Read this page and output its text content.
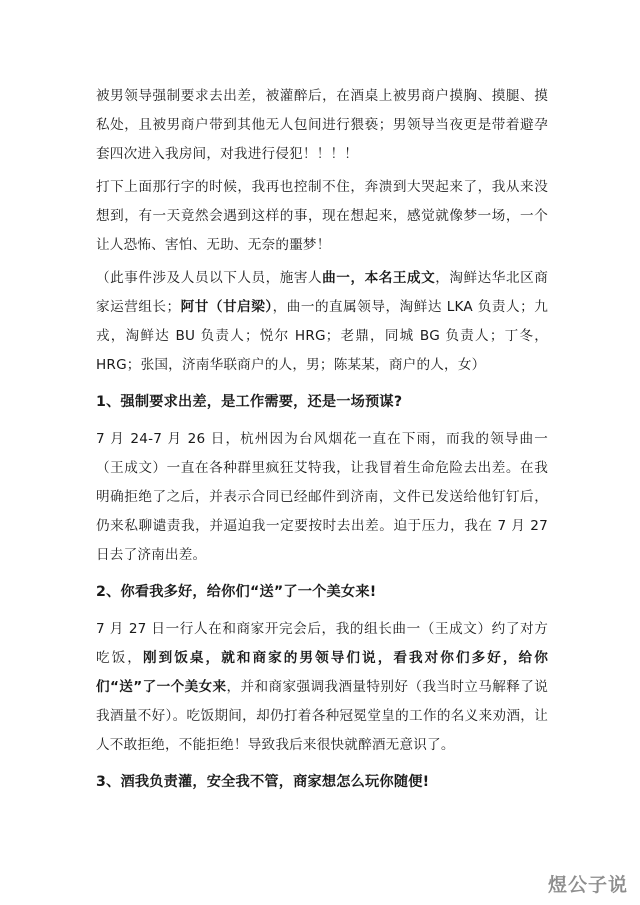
被男领导强制要求去出差，被灌醉后，在酒桌上被男商户摸胸、摸腿、摸私处，且被男商户带到其他无人包间进行猥亵；男领导当夜更是带着避孕套四次进入我房间，对我进行侵犯！！！！

打下上面那行字的时候，我再也控制不住，奔溃到大哭起来了，我从来没想到，有一天竟然会遇到这样的事，现在想起来，感觉就像梦一场，一个让人恐怖、害怕、无助、无奈的噩梦！

（此事件涉及人员以下人员，施害人曲一，本名王成文，淘鲜达华北区商家运营组长；阿甘（甘启梁），曲一的直属领导，淘鲜达 LKA 负责人；九戎，淘鲜达 BU 负责人；悦尔 HRG；老鼎，同城 BG 负责人；丁冬，HRG；张国，济南华联商户的人，男；陈某某，商户的人，女）

1、强制要求出差，是工作需要，还是一场预谋?

7 月 24-7 月 26 日，杭州因为台风烟花一直在下雨，而我的领导曲一（王成文）一直在各种群里疯狂艾特我，让我冒着生命危险去出差。在我明确拒绝了之后，并表示合同已经邮件到济南，文件已发送给他钉钉后，仍来私聊谴责我，并逼迫我一定要按时去出差。迫于压力，我在 7 月 27 日去了济南出差。

2、你看我多好，给你们“送”了一个美女来!

7 月 27 日一行人在和商家开完会后，我的组长曲一（王成文）约了对方吃饭，刚到饭桌，就和商家的男领导们说，看我对你们多好，给你们“送”了一个美女来，并和商家强调我酒量特别好（我当时立马解释了说我酒量不好）。吃饭期间，却仍打着各种冠冕堂皇的工作的名义来劝酒，让人不敢拒绝，不能拒绝！导致我后来很快就醉酒无意识了。

3、酒我负责灌，安全我不管，商家想怎么玩你随便!

煜公子说
